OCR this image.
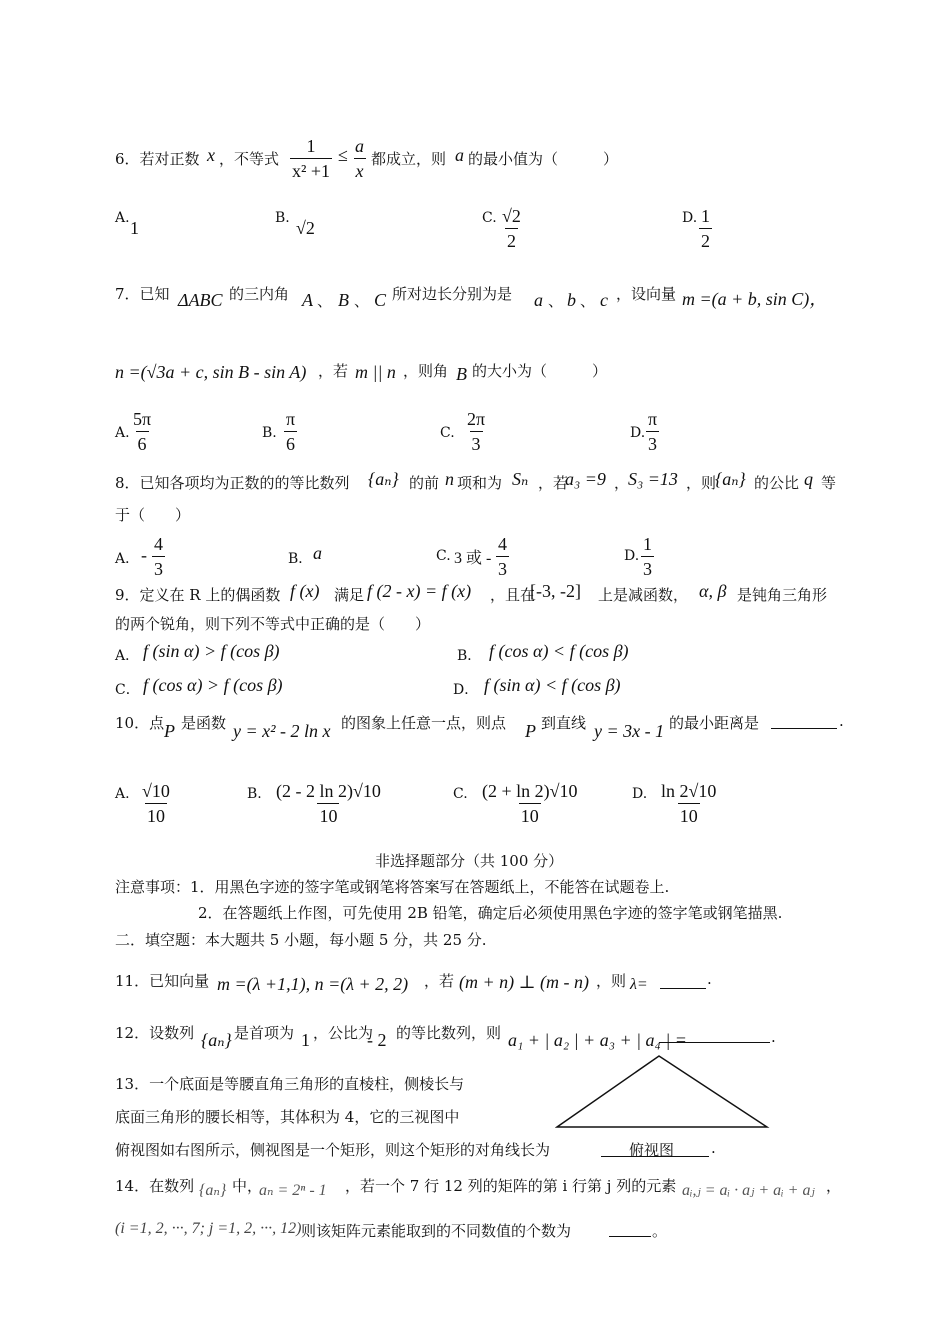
6．若对正数 x ，不等式 $\frac{1}{\text{x² +1}} \le \frac{a}{x}$ 都成立，则 a 的最小值为（　　　）
A. 1	B. √2	C. $\frac{√2}{2}$	D. $\frac{1}{2}$
7．已知 ΔABC 的三内角 A 、 B 、 C 所对边长分别为是 a 、 b 、 c ，设向量 m =(a + b, sin C)，
n =(√3a + c, sin B - sin A) ，若 m || n ，则角 B 的大小为（　　　）
A. $\frac{5\pi}{6}$	B. $\frac{\pi}{6}$	C. $\frac{2\pi}{3}$	D. $\frac{\pi}{3}$
8．已知各项均为正数的的等比数列 {aₙ} 的前 n 项和为 Sₙ ，若
a₃ =9 ，
S₃ =13 ，则
{aₙ} 的公比 q 等
于（　　）
A． - $\frac{4}{3}$	B． a	C. 3 或 - $\frac{4}{3}$	D. $\frac{1}{3}$
9．定义在 R 上的偶函数 f (x) 满足 f (2 - x) = f (x) ，且在
[-3, -2] 上是减函数， α, β 是钝角三角形
的两个锐角，则下列不等式中正确的是（　　）
A． f (sin α) > f (cos β)	B． f (cos α) < f (cos β)
C． f (cos α) > f (cos β)	D． f (sin α) < f (cos β)
10．点 P 是函数 y = x² - 2 ln x 的图象上任意一点，则点 P 到直线 y = 3x - 1 的最小距离是	.
A. $\frac{√10}{10}$	B. $\frac{(2 - 2 \ln 2)√10}{10}$	C. $\frac{(2 + \ln 2)√10}{10}$	D. $\frac{\ln 2√10}{10}$
非选择题部分（共 100 分）
注意事项：1．用黑色字迹的签字笔或钢笔将答案写在答题纸上，不能答在试题卷上.
2．在答题纸上作图，可先使用 2B 铅笔，确定后必须使用黑色字迹的签字笔或钢笔描黑.
二．填空题：本大题共 5 小题，每小题 5 分，共 25 分.
11．已知向量 m =(λ +1,1), n =(λ + 2, 2) ，若 (m + n) ⊥ (m - n) ，则 λ=	.
12．设数列 {aₙ} 是首项为 1 ，公比为
- 2 的等比数列，则 a₁ + | a₂ | + a₃ + | a₄ | =	.
13．一个底面是等腰直角三角形的直棱柱，侧棱长与
底面三角形的腰长相等，其体积为 4，它的三视图中
俯视图如右图所示，侧视图是一个矩形，则这个矩形的对角线长为	俯视图 .
14．在数列 {aₙ} 中，
aₙ = 2ⁿ - 1 ，若一个 7 行 12 列的矩阵的第 i 行第 j 列的元素 aᵢ,ⱼ = aᵢ · aⱼ + aᵢ + aⱼ ，
(i =1, 2, ···, 7; j =1, 2, ···, 12) 则该矩阵元素能取到的不同数值的个数为	。
